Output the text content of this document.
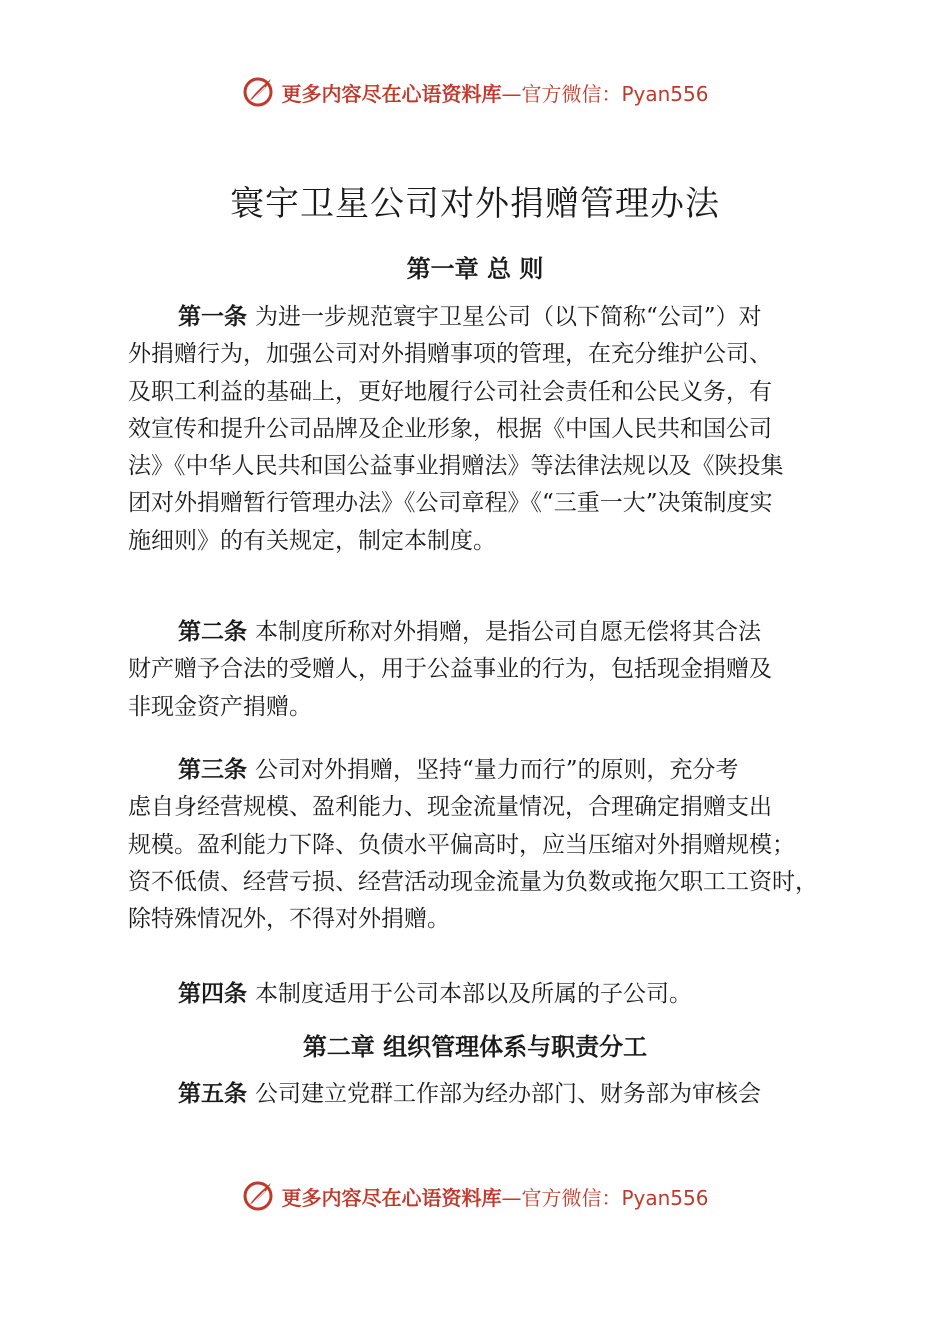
更多内容尽在心语资料库 —官方微信：Pyan556
寰宇卫星公司对外捐赠管理办法
第一章 总 则
第一条 为进一步规范寰宇卫星公司（以下简称“公司”）对
外捐赠行为，加强公司对外捐赠事项的管理，在充分维护公司、
及职工利益的基础上，更好地履行公司社会责任和公民义务，有
效宣传和提升公司品牌及企业形象，根据《中国人民共和国公司
法》《中华人民共和国公益事业捐赠法》等法律法规以及《陕投集
团对外捐赠暂行管理办法》《公司章程》《“三重一大”决策制度实
施细则》的有关规定，制定本制度。
第二条 本制度所称对外捐赠，是指公司自愿无偿将其合法
财产赠予合法的受赠人，用于公益事业的行为，包括现金捐赠及
非现金资产捐赠。
第三条 公司对外捐赠，坚持“量力而行”的原则，充分考
虑自身经营规模、盈利能力、现金流量情况，合理确定捐赠支出
规模。盈利能力下降、负债水平偏高时，应当压缩对外捐赠规模；
资不低债、经营亏损、经营活动现金流量为负数或拖欠职工工资时，
除特殊情况外，不得对外捐赠。
第四条 本制度适用于公司本部以及所属的子公司。
第二章 组织管理体系与职责分工
第五条 公司建立党群工作部为经办部门、财务部为审核会
更多内容尽在心语资料库 —官方微信：Pyan556
